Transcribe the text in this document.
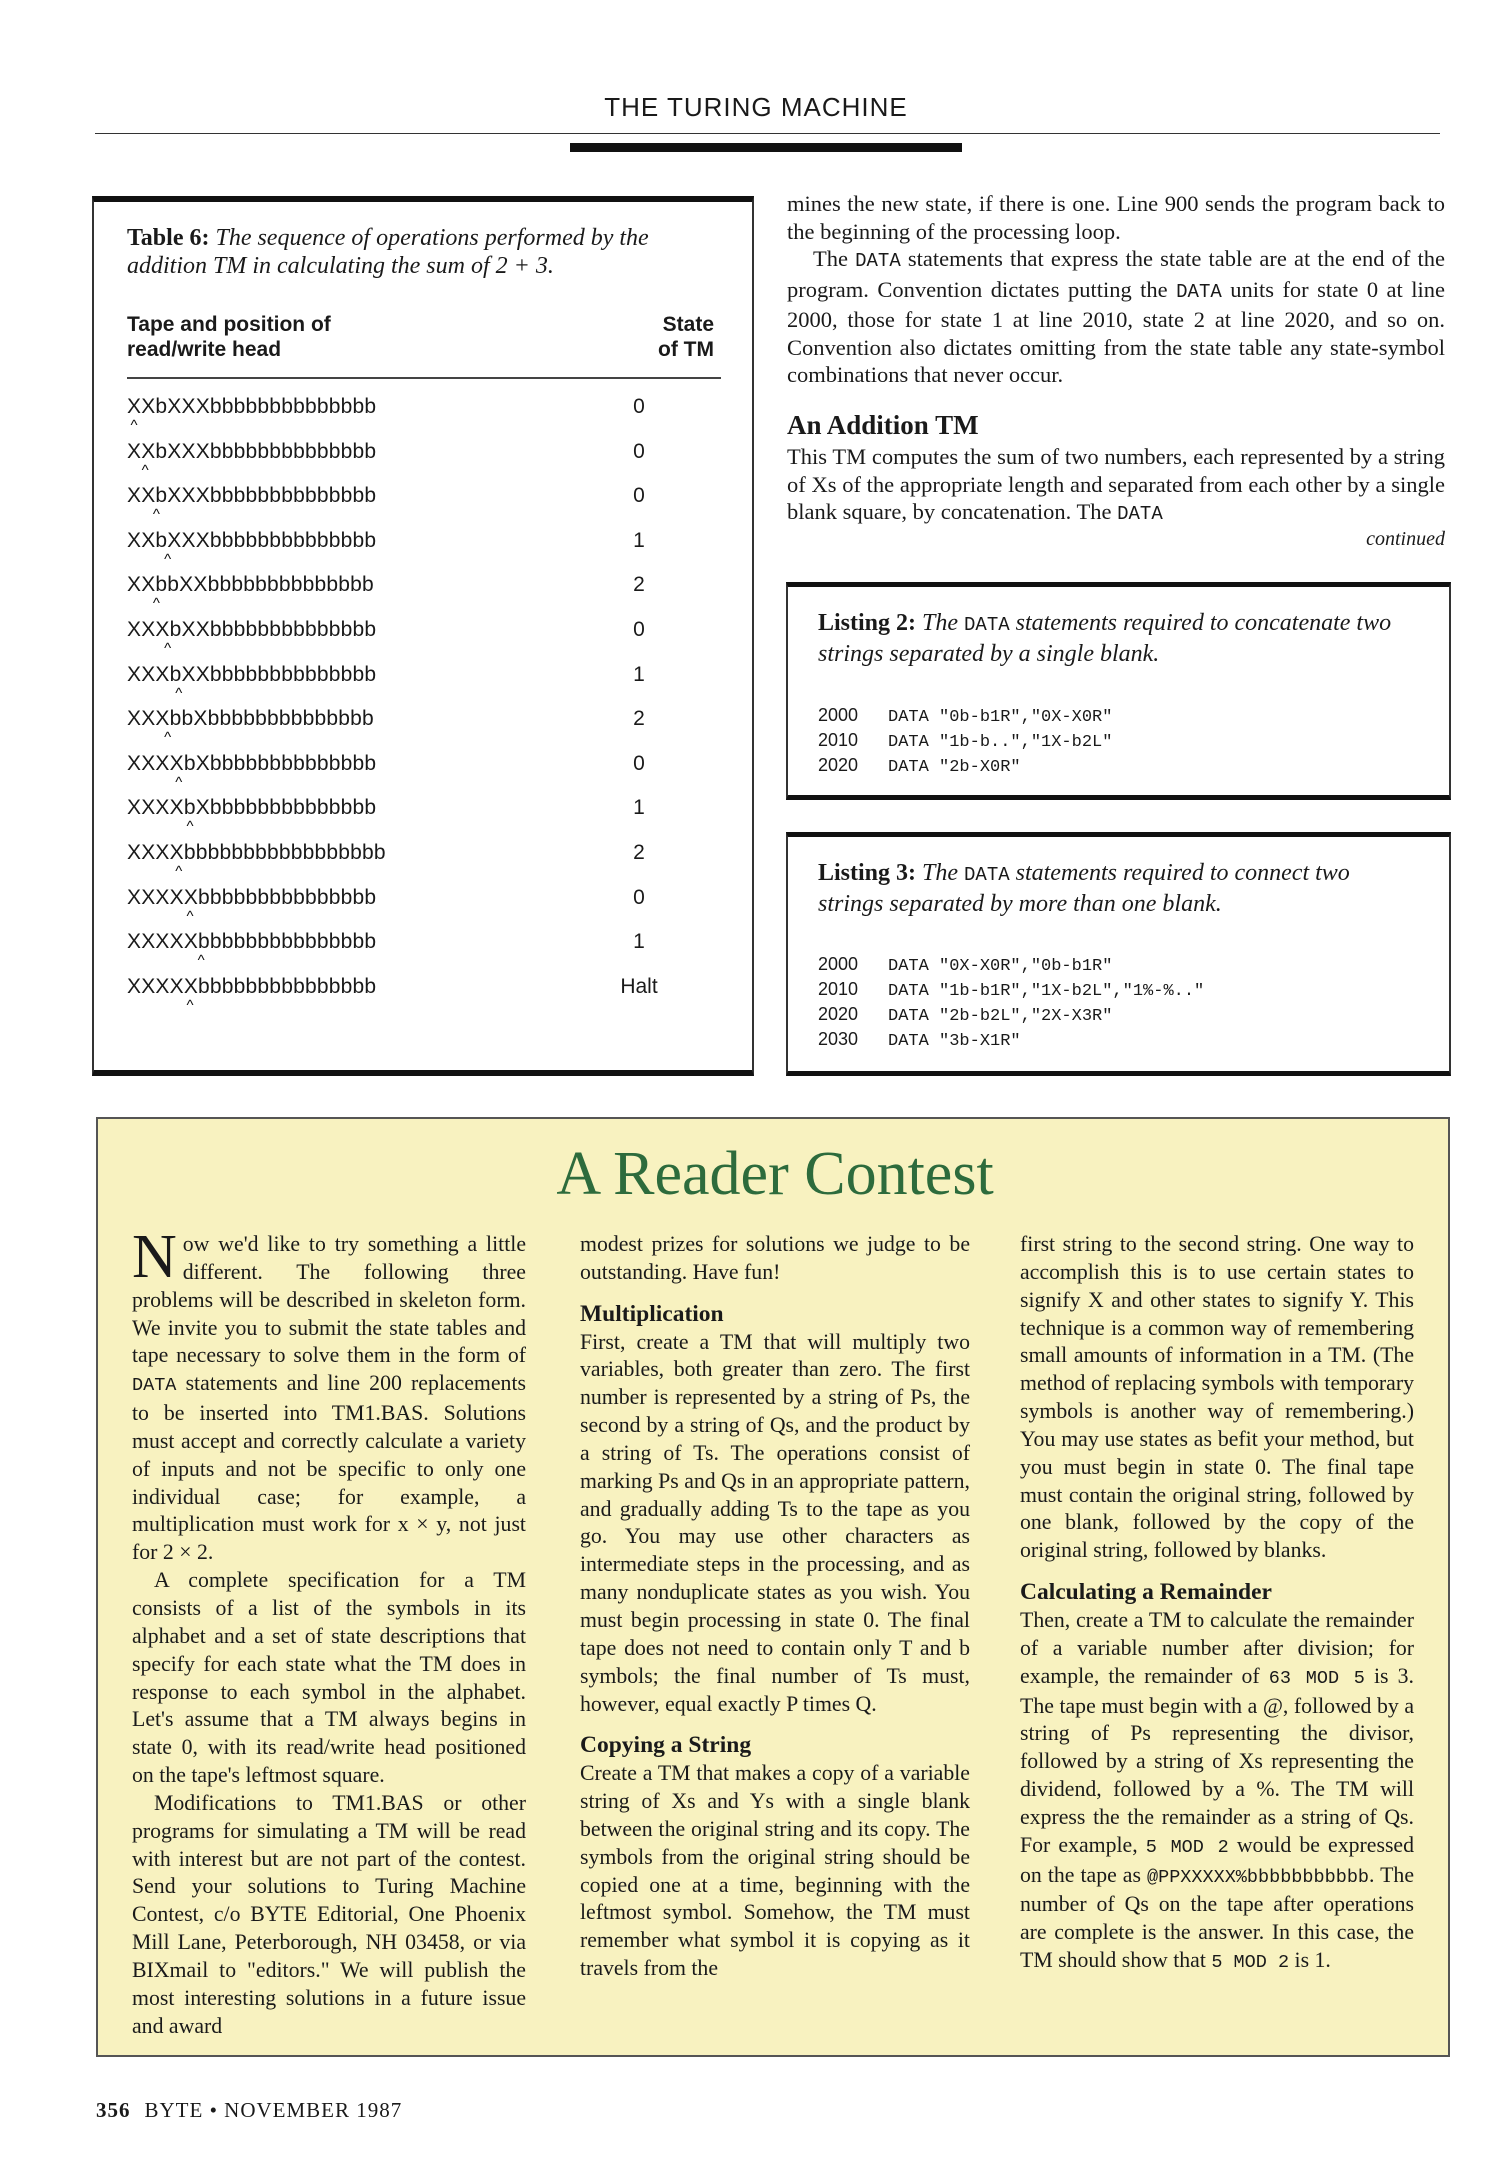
THE TURING MACHINE
Table 6: The sequence of operations performed by the addition TM in calculating the sum of 2 + 3.
Tape and position of
read/write head
State
of TM
XXbXXXbbbbbbbbbbbbbb
^
0
XXbXXXbbbbbbbbbbbbbb
^
0
XXbXXXbbbbbbbbbbbbbb
^
0
XXbXXXbbbbbbbbbbbbbb
^
1
XXbbXXbbbbbbbbbbbbbb
^
2
XXXbXXbbbbbbbbbbbbbb
^
0
XXXbXXbbbbbbbbbbbbbb
^
1
XXXbbXbbbbbbbbbbbbbb
^
2
XXXXbXbbbbbbbbbbbbbb
^
0
XXXXbXbbbbbbbbbbbbbb
^
1
XXXXbbbbbbbbbbbbbbbbb
^
2
XXXXXbbbbbbbbbbbbbbb
^
0
XXXXXbbbbbbbbbbbbbbb
^
1
XXXXXbbbbbbbbbbbbbbb
^
Halt

mines the new state, if there is one. Line 900 sends the program back to the beginning of the processing loop.

The DATA statements that express the state table are at the end of the program. Convention dictates putting the DATA units for state 0 at line 2000, those for state 1 at line 2010, state 2 at line 2020, and so on. Convention also dictates omitting from the state table any state-symbol combinations that never occur.

An Addition TM
This TM computes the sum of two numbers, each represented by a string of Xs of the appropriate length and separated from each other by a single blank square, by concatenation. The DATA
continued
Listing 2: The DATA statements required to concatenate two strings separated by a single blank.
2000 DATA "0b-b1R","0X-X0R"
2010 DATA "1b-b..","1X-b2L"
2020 DATA "2b-X0R"
Listing 3: The DATA statements required to connect two strings separated by more than one blank.
2000 DATA "0X-X0R","0b-b1R"
2010 DATA "1b-b1R","1X-b2L","1%-%.."
2020 DATA "2b-b2L","2X-X3R"
2030 DATA "3b-X1R"
A Reader Contest

Now we'd like to try something a little different. The following three problems will be described in skeleton form. We invite you to submit the state tables and tape necessary to solve them in the form of DATA statements and line 200 replacements to be inserted into TM1.BAS. Solutions must accept and correctly calculate a variety of inputs and not be specific to only one individual case; for example, a multiplication must work for x × y, not just for 2 × 2.

A complete specification for a TM consists of a list of the symbols in its alphabet and a set of state descriptions that specify for each state what the TM does in response to each symbol in the alphabet. Let's assume that a TM always begins in state 0, with its read/write head positioned on the tape's leftmost square.

Modifications to TM1.BAS or other programs for simulating a TM will be read with interest but are not part of the contest. Send your solutions to Turing Machine Contest, c/o BYTE Editorial, One Phoenix Mill Lane, Peterborough, NH 03458, or via BIXmail to "editors." We will publish the most interesting solutions in a future issue and award

modest prizes for solutions we judge to be outstanding. Have fun!

Multiplication

First, create a TM that will multiply two variables, both greater than zero. The first number is represented by a string of Ps, the second by a string of Qs, and the product by a string of Ts. The operations consist of marking Ps and Qs in an appropriate pattern, and gradually adding Ts to the tape as you go. You may use other characters as intermediate steps in the processing, and as many nonduplicate states as you wish. You must begin processing in state 0. The final tape does not need to contain only T and b symbols; the final number of Ts must, however, equal exactly P times Q.

Copying a String

Create a TM that makes a copy of a variable string of Xs and Ys with a single blank between the original string and its copy. The symbols from the original string should be copied one at a time, beginning with the leftmost symbol. Somehow, the TM must remember what symbol it is copying as it travels from the

first string to the second string. One way to accomplish this is to use certain states to signify X and other states to signify Y. This technique is a common way of remembering small amounts of information in a TM. (The method of replacing symbols with temporary symbols is another way of remembering.) You may use states as befit your method, but you must begin in state 0. The final tape must contain the original string, followed by one blank, followed by the copy of the original string, followed by blanks.

Calculating a Remainder

Then, create a TM to calculate the remainder of a variable number after division; for example, the remainder of 63 MOD 5 is 3. The tape must begin with a @, followed by a string of Ps representing the divisor, followed by a string of Xs representing the dividend, followed by a %. The TM will express the the remainder as a string of Qs. For example, 5 MOD 2 would be expressed on the tape as @PPXXXXX%bbbbbbbbbbb. The number of Qs on the tape after operations are complete is the answer. In this case, the TM should show that 5 MOD 2 is 1.

356 BYTE • NOVEMBER 1987
